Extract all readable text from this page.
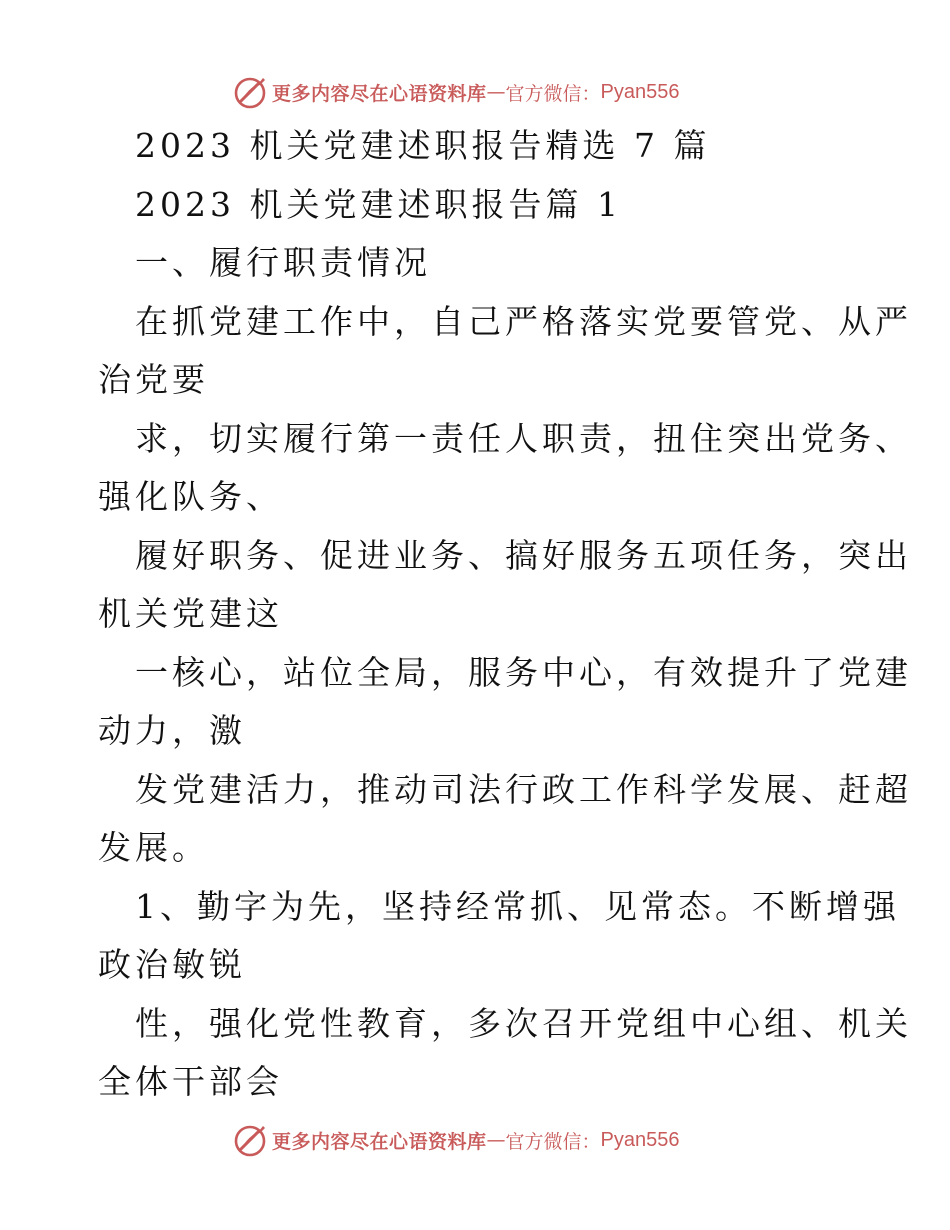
更多内容尽在心语资料库 — 官方微信： Pyan556
2023 机关党建述职报告精选 7 篇
2023 机关党建述职报告篇 1
一、履行职责情况
在抓党建工作中，自己严格落实党要管党、从严
治党要
求，切实履行第一责任人职责，扭住突出党务、
强化队务、
履好职务、促进业务、搞好服务五项任务，突出
机关党建这
一核心，站位全局，服务中心，有效提升了党建
动力，激
发党建活力，推动司法行政工作科学发展、赶超
发展。
1、勤字为先，坚持经常抓、见常态。不断增强
政治敏锐
性，强化党性教育，多次召开党组中心组、机关
全体干部会
更多内容尽在心语资料库 — 官方微信： Pyan556
